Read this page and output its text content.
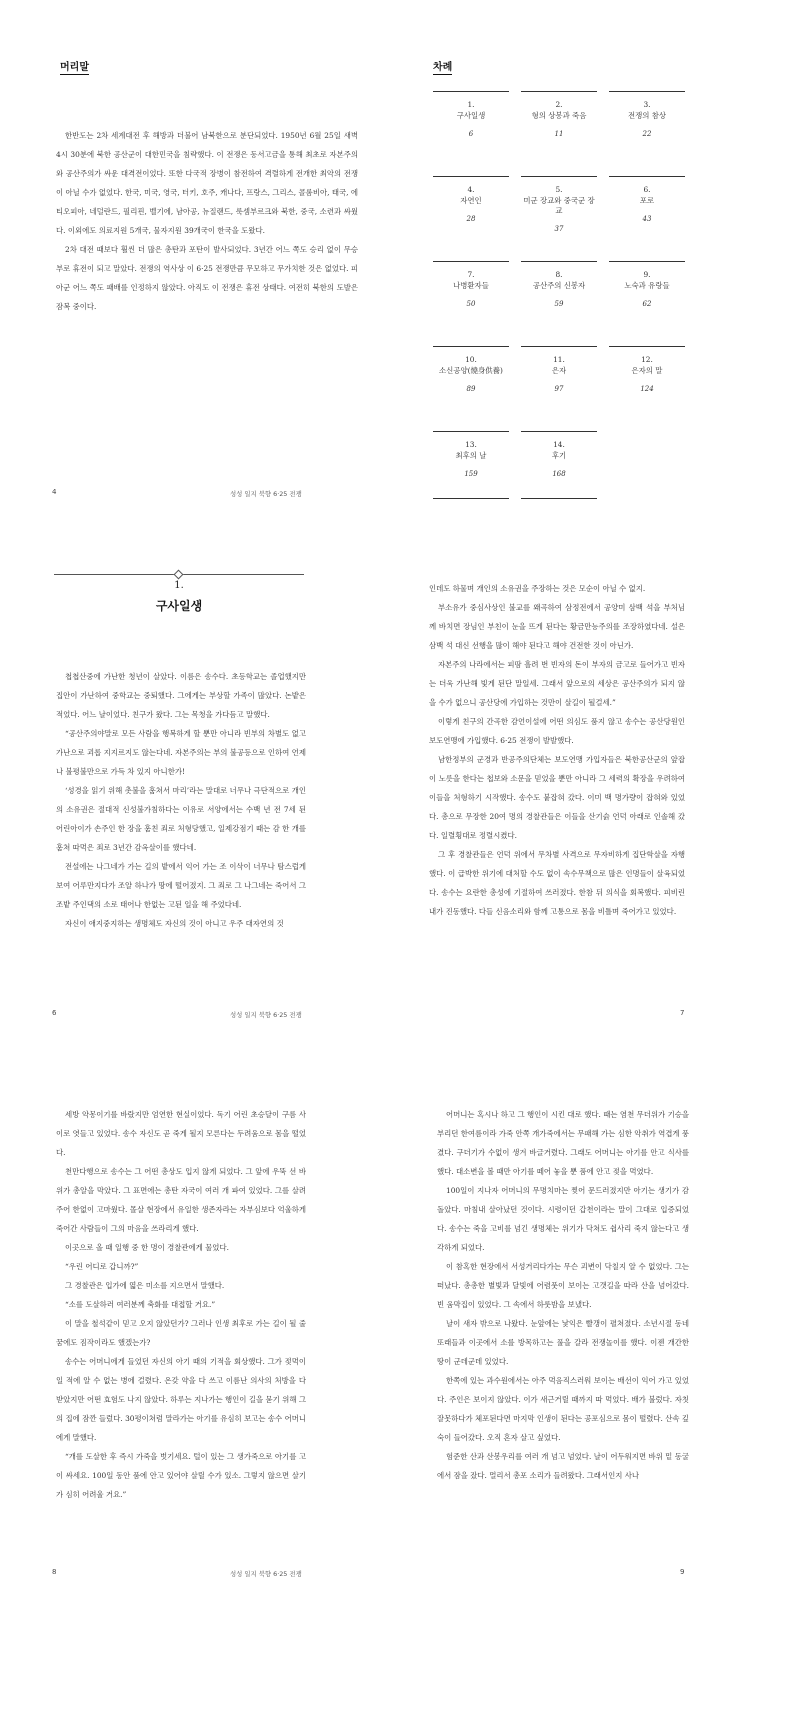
머리말

한반도는 2차 세계대전 후 해방과 더불어 남북한으로 분단되었다. 1950년 6월 25일 새벽 4시 30분에 북한 공산군이 대한민국을 침략했다. 이 전쟁은 동서고금을 통해 최초로 자본주의와 공산주의가 싸운 대격전이었다. 또한 다국적 장병이 참전하여 격렬하게 전개한 최악의 전쟁이 아닐 수가 없었다. 한국, 미국, 영국, 터키, 호주, 캐나다, 프랑스, 그리스, 콜롬비아, 태국, 에티오피아, 네덜란드, 필리핀, 벨기에, 남아공, 뉴질랜드, 룩셈부르크와 북한, 중국, 소련과 싸웠다. 이외에도 의료지원 5개국, 물자지원 39개국이 한국을 도왔다.

2차 대전 때보다 훨씬 더 많은 총탄과 포탄이 발사되었다. 3년간 어느 쪽도 승리 없이 무승부로 휴전이 되고 말았다. 전쟁의 역사상 이 6·25 전쟁만큼 무모하고 무가치한 것은 없었다. 피아군 어느 쪽도 패배를 인정하지 않았다. 아직도 이 전쟁은 휴전 상태다. 여전히 북한의 도발은 잠복 중이다.

4	성성 일지 북향 6·25 전쟁
차례
1.
구사일생
6
2.
형의 상봉과 죽음
11
3.
전쟁의 참상
22
4.
자연인
28
5.
미군 장교와 중국군 장교
37
6.
포로
43
7.
나병환자들
50
8.
공산주의 신봉자
59
9.
노숙과 유랑들
62
10.
소신공양(燒身供養)
89
11.
은자
97
12.
은자의 말
124
13.
최후의 날
159
14.
후기
168
1.
구사일생

첩첩산중에 가난한 청년이 살았다. 이름은 송수다. 초등학교는 졸업했지만 집안이 가난하여 중학교는 중퇴했다. 그에게는 부상할 가족이 많았다. 논밭은 적었다. 어느 날이었다. 친구가 왔다. 그는 목청을 가다듬고 말했다.

“공산주의야말로 모든 사람을 행복하게 할 뿐만 아니라 빈부의 차별도 없고 가난으로 괴롭 지지르지도 않는다네. 자본주의는 부의 불공등으로 인하여 언제나 불평불만으로 가득 차 있지 아니한가!

‘성경을 읽기 위해 촛불을 훔쳐서 마리’라는 말대로 너무나 극단적으로 개인의 소유권은 절대적 신성불가침하다는 이유로 서양에서는 수백 년 전 7세 된 어린아이가 손주인 한 장을 훔친 죄로 처형당했고, 일제강점기 때는 감 한 개를 훔쳐 따먹은 죄로 3년간 감옥살이를 했다네.

전설에는 나그네가 가는 길의 밭에서 익어 가는 조 이삭이 너무나 탐스럽게 보여 어루만지다가 조알 하나가 땅에 떨어졌지. 그 죄로 그 나그네는 죽어서 그 조밭 주인댁의 소로 태어나 한없는 고된 일을 해 주었다네.

자신이 애지중지하는 생명체도 자신의 것이 아니고 우주 대자연의 것

6	성성 일지 북향 6·25 전쟁

인데도 하물며 개인의 소유권을 주장하는 것은 모순이 아닐 수 없지.

부소유가 중심사상인 불교를 왜곡하여 삼정전에서 공양미 삼백 석을 부처님께 바치면 장님인 부친이 눈을 뜨게 된다는 황금만능주의를 조장하였다네. 설은 삼백 석 대신 선행을 많이 해야 된다고 해야 건전한 것이 아닌가.

자본주의 나라에서는 피땀 흘려 번 빈자의 돈이 부자의 금고로 들어가고 빈자는 더욱 가난해 빛게 된단 말일세. 그래서 앞으로의 세상은 공산주의가 되지 않을 수가 없으니 공산당에 가입하는 것만이 살길이 될걸세.”

이렇게 친구의 간곡한 감언이설에 어떤 의심도 품지 않고 송수는 공산당원인 보도연맹에 가입했다. 6·25 전쟁이 발발했다.

남한정부의 군경과 반공주의단체는 보도연맹 가입자들은 북한공산군의 앞잡이 노릇을 한다는 첩보와 소문을 믿었을 뿐만 아니라 그 세력의 확장을 우려하여 이들을 처형하기 시작했다. 송수도 붙잡혀 갔다. 이미 백 명가량이 잡혀와 있었다. 총으로 무장한 20여 명의 경찰관들은 이들을 산기슭 언덕 아래로 인솔해 갔다. 일렬횡대로 정렬시켰다.

그 후 경찰관들은 언덕 위에서 무차별 사격으로 무자비하게 집단학살을 자행했다. 이 급박한 위기에 대처할 수도 없이 속수무책으로 많은 인명들이 살육되었다. 송수는 요란한 총성에 기절하여 쓰러졌다. 한참 뒤 의식을 회복했다. 피비린내가 진동했다. 다들 신음소리와 함께 고통으로 몸을 비틀며 죽어가고 있었다.

7

세방 악몽이기를 바랐지만 엄연한 현실이었다. 독기 어린 초승달이 구름 사이로 엿들고 있었다. 송수 자신도 곧 죽게 될지 모른다는 두려움으로 몸을 떨었다.

천만다행으로 송수는 그 어떤 총상도 입지 않게 되었다. 그 앞에 우뚝 선 바위가 총알을 막았다. 그 표면에는 총탄 자국이 여러 개 파여 있었다. 그를 살려 주어 한없이 고마웠다. 몰살 현장에서 유일한 생존자라는 자부심보다 억울하게 죽어간 사람들이 그의 마음을 쓰라리게 했다.

이곳으로 올 때 일행 중 한 명이 경찰관에게 물었다.

“우린 어디로 갑니까?”

그 경찰관은 입가에 엷은 미소를 지으면서 말했다.

“소를 도살하러 여러분께 축화를 대접할 거요.”

이 말을 철석같이 믿고 오지 않았던가? 그러나 인생 최후로 가는 길이 될 줄 꿈에도 짐작이라도 했겠는가?

송수는 어머니에게 들었던 자신의 아기 때의 기적을 회상했다. 그가 젖먹이일 적에 알 수 없는 병에 걸렸다. 온갖 약을 다 쓰고 이름난 의사의 처방을 다 받았지만 어떤 효험도 나지 않았다. 하루는 지나가는 행인이 길을 묻기 위해 그의 집에 잠깐 들렀다. 30평이쳐럼 말라가는 아기를 유심히 보고는 송수 어머니에게 말했다.

“개를 도살한 후 즉시 가죽을 벗기세요. 털이 있는 그 생가죽으로 아기를 고이 싸세요. 100일 동안 품에 안고 있어야 살릴 수가 있소. 그렇지 않으면 살기가 심히 어려울 거요.”

8	성성 일지 북향 6·25 전쟁

어머니는 혹시나 하고 그 행인이 시킨 대로 했다. 때는 염천 무더위가 기승을 부리던 한여름이라 가죽 안쪽 개가죽에서는 무패해 가는 심한 악취가 역겹게 풍겼다. 구더기가 수없이 생겨 바글거렸다. 그래도 어머니는 아기를 안고 식사를 했다. 대소변을 볼 때만 아기를 떼어 놓을 뿐 품에 안고 젖을 먹였다.

100일이 지나자 어머니의 무명치마는 찢어 문드러졌지만 아기는 생기가 감돌았다. 마침내 살아났던 것이다. 시령이던 갑천이라는 말이 그대로 입증되었다. 송수는 죽을 고비를 넘긴 생명체는 위기가 닥쳐도 쉽사리 죽지 않는다고 생각하게 되었다.

이 참혹한 현장에서 서성거리다가는 무슨 괴변이 닥칠지 알 수 없었다. 그는 떠났다. 총총한 별빛과 달빛에 어렴풋이 보이는 고갯길을 따라 산을 넘어갔다. 빈 움막집이 있었다. 그 속에서 하룻밤을 보냈다.

날이 새자 밖으로 나왔다. 눈앞에는 낯익은 빨갱이 펼쳐졌다. 소년시절 동네 또래들과 이곳에서 소를 방목하고는 풀을 갈라 전쟁놀이를 했다. 이젠 개간한 땅이 군데군데 있었다.

한쪽에 있는 과수원에서는 아주 먹음직스러워 보이는 배선이 익어 가고 있었다. 주인은 보이지 않았다. 이가 새근거릴 때까지 따 먹었다. 배가 불렀다. 자칫 잘못하다가 체포된다면 마지막 인생이 된다는 공포심으로 몸이 떨렸다. 산속 깊숙이 들어갔다. 오직 혼자 살고 싶었다.

험준한 산과 산봉우리를 여러 개 넘고 넘었다. 날이 어두워지면 바위 밑 동굴에서 잠을 잤다. 멀리서 총포 소리가 들려왔다. 그래서인지 사나

9
